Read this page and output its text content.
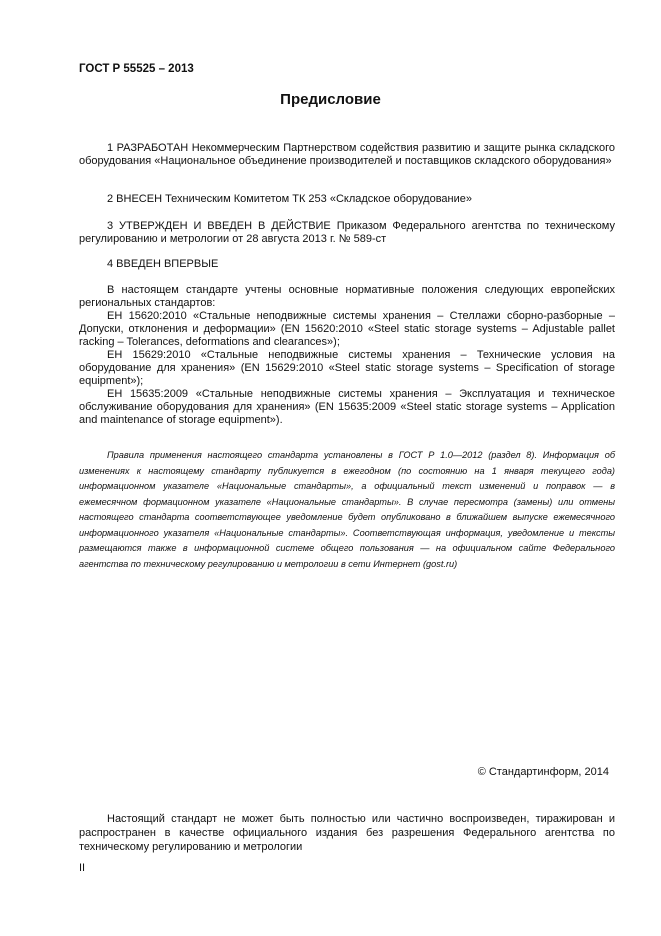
ГОСТ Р 55525 – 2013
Предисловие
1 РАЗРАБОТАН Некоммерческим Партнерством содействия развитию и защите рынка складского оборудования «Национальное объединение производителей и поставщиков складского оборудования»
2 ВНЕСЕН Техническим Комитетом ТК 253 «Складское оборудование»
3 УТВЕРЖДЕН И ВВЕДЕН В ДЕЙСТВИЕ Приказом Федерального агентства по техническому регулированию и метрологии от 28 августа 2013 г. № 589-ст
4 ВВЕДЕН ВПЕРВЫЕ
В настоящем стандарте учтены основные нормативные положения следующих европейских региональных стандартов:
ЕН 15620:2010 «Стальные неподвижные системы хранения – Стеллажи сборно-разборные – Допуски, отклонения и деформации» (EN 15620:2010 «Steel static storage systems – Adjustable pallet racking – Tolerances, deformations and clearances»);
ЕН 15629:2010 «Стальные неподвижные системы хранения – Технические условия на оборудование для хранения» (EN 15629:2010 «Steel static storage systems – Specification of storage equipment»);
ЕН 15635:2009 «Стальные неподвижные системы хранения – Эксплуатация и техническое обслуживание оборудования для хранения» (EN 15635:2009 «Steel static storage systems – Application and maintenance of storage equipment»).
Правила применения настоящего стандарта установлены в ГОСТ Р 1.0—2012 (раздел 8). Информация об изменениях к настоящему стандарту публикуется в ежегодном (по состоянию на 1 января текущего года) информационном указателе «Национальные стандарты», а официальный текст изменений и поправок — в ежемесячном формационном указателе «Национальные стандарты». В случае пересмотра (замены) или отмены настоящего стандарта соответствующее уведомление будет опубликовано в ближайшем выпуске ежемесячного информационного указателя «Национальные стандарты». Соответствующая информация, уведомление и тексты размещаются также в информационной системе общего пользования — на официальном сайте Федерального агентства по техническому регулированию и метрологии в сети Интернет (gost.ru)
© Стандартинформ, 2014
Настоящий стандарт не может быть полностью или частично воспроизведен, тиражирован и распространен в качестве официального издания без разрешения Федерального агентства по техническому регулированию и метрологии
II
